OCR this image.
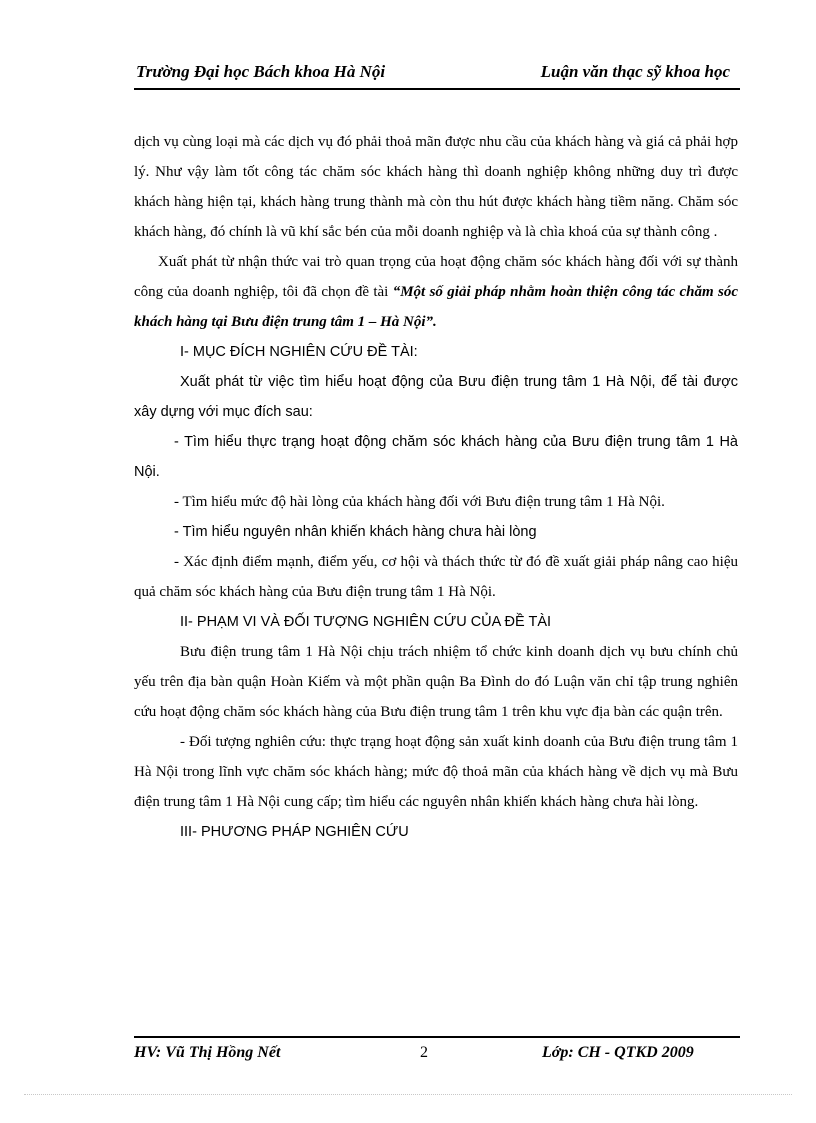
Trường Đại học Bách khoa Hà Nội	Luận văn thạc sỹ khoa học

dịch vụ cùng loại mà các dịch vụ đó phải thoả mãn được nhu cầu của khách hàng và giá cả phải hợp lý. Như vậy làm tốt công tác chăm sóc khách hàng thì doanh nghiệp không những duy trì được khách hàng hiện tại, khách hàng trung thành mà còn thu hút được khách hàng tiềm năng. Chăm sóc khách hàng, đó chính là vũ khí sắc bén của mỗi doanh nghiệp và là chìa khoá của sự thành công .

Xuất phát từ nhận thức vai trò quan trọng của hoạt động chăm sóc khách hàng đối với sự thành công của doanh nghiệp, tôi đã chọn đề tài “Một số giải pháp nhằm hoàn thiện công tác chăm sóc khách hàng tại Bưu điện trung tâm 1 – Hà Nội”.

I- MỤC ĐÍCH NGHIÊN CỨU ĐỀ TÀI:

Xuất phát từ việc tìm hiểu hoạt động của Bưu điện trung tâm 1 Hà Nội, để tài được xây dựng với mục đích sau:

- Tìm hiểu thực trạng hoạt động chăm sóc khách hàng của Bưu điện trung tâm 1 Hà Nội.

- Tìm hiểu mức độ hài lòng của khách hàng đối với Bưu điện trung tâm 1 Hà Nội.

- Tìm hiểu nguyên nhân khiến khách hàng chưa hài lòng

- Xác định điểm mạnh, điểm yếu, cơ hội và thách thức từ đó đề xuất giải pháp nâng cao hiệu quả chăm sóc khách hàng của Bưu điện trung tâm 1 Hà Nội.

II- PHẠM VI VÀ ĐỐI TƯỢNG NGHIÊN CỨU CỦA ĐỀ TÀI

Bưu điện trung tâm 1 Hà Nội chịu trách nhiệm tổ chức kinh doanh dịch vụ bưu chính chủ yếu trên địa bàn quận Hoàn Kiếm và một phần quận Ba Đình do đó Luận văn chỉ tập trung nghiên cứu hoạt động chăm sóc khách hàng của Bưu điện trung tâm 1 trên khu vực địa bàn các quận trên.

- Đối tượng nghiên cứu: thực trạng hoạt động sản xuất kinh doanh của Bưu điện trung tâm 1 Hà Nội trong lĩnh vực chăm sóc khách hàng; mức độ thoả mãn của khách hàng về dịch vụ mà Bưu điện trung tâm 1 Hà Nội cung cấp; tìm hiểu các nguyên nhân khiến khách hàng chưa hài lòng.

III- PHƯƠNG PHÁP NGHIÊN CỨU

HV: Vũ Thị Hồng Nết	2	Lớp: CH - QTKD 2009
